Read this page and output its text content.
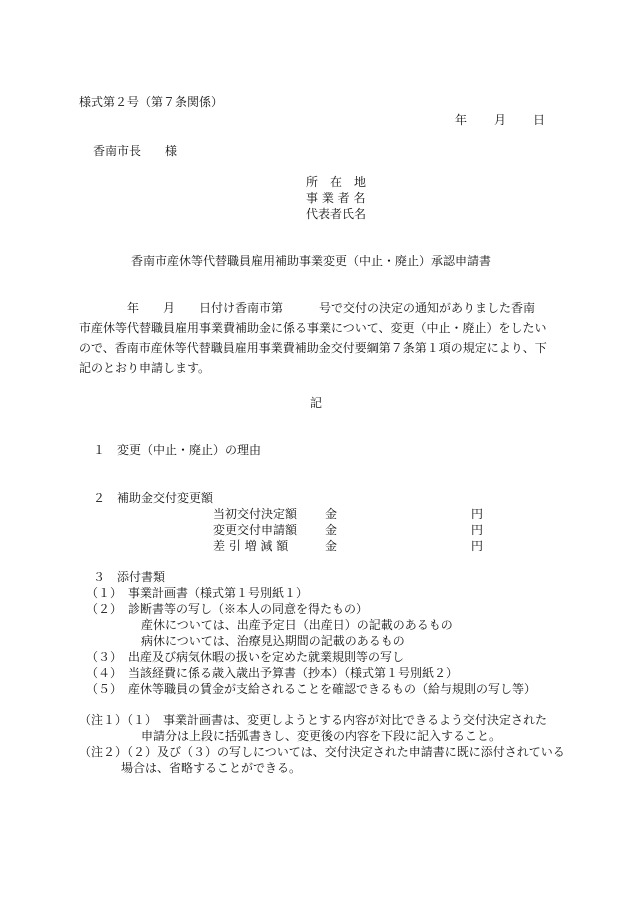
様式第２号（第７条関係）
年 月 日
香南市長　　様
所　在　地
事 業 者 名
代表者氏名
香南市産休等代替職員雇用補助事業変更（中止・廃止）承認申請書
　　　　年　　月　　日付け香南市第　　　号で交付の決定の通知がありました香南
市産休等代替職員雇用事業費補助金に係る事業について、変更（中止・廃止）をしたい
ので、香南市産休等代替職員雇用事業費補助金交付要綱第７条第１項の規定により、下
記のとおり申請します。
記
１　変更（中止・廃止）の理由
２　補助金交付変更額
当初交付決定額 金	円
変更交付申請額 金	円
差 引 増 減 額	金	円
３　添付書類
（１）　事業計画書（様式第１号別紙１）
（２）　診断書等の写し（※本人の同意を得たもの）
産休については、出産予定日（出産日）の記載のあるもの
病休については、治療見込期間の記載のあるもの
（３）　出産及び病気休暇の扱いを定めた就業規則等の写し
（４）　当該経費に係る歳入歳出予算書（抄本）（様式第１号別紙２）
（５）　産休等職員の賃金が支給されることを確認できるもの（給与規則の写し等）
（注１）（１）　事業計画書は、変更しようとする内容が対比できるよう交付決定された
申請分は上段に括弧書きし、変更後の内容を下段に記入すること。
（注２）（２）及び（３）の写しについては、交付決定された申請書に既に添付されている
場合は、省略することができる。
